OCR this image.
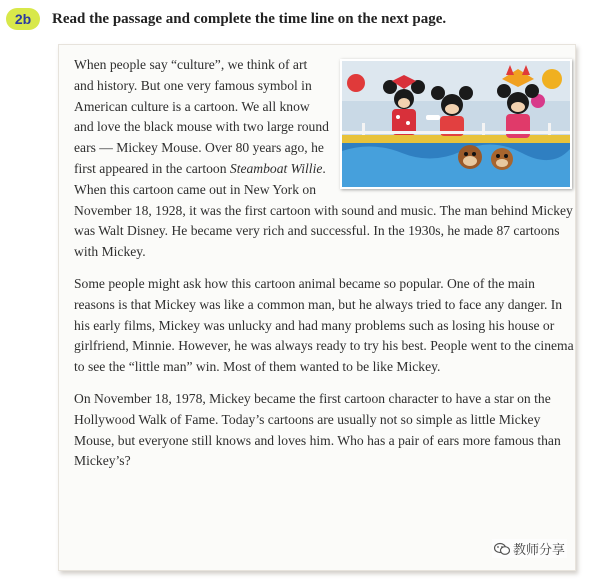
2b	Read the passage and complete the time line on the next page.

When people say “culture”, we think of art and history. But one very famous symbol in American culture is a cartoon. We all know and love the black mouse with two large round ears — Mickey Mouse. Over 80 years ago, he first appeared in the cartoon Steamboat Willie. When this cartoon came out in New York on November 18, 1928, it was the first cartoon with sound and music. The man behind Mickey was Walt Disney. He became very rich and successful. In the 1930s, he made 87 cartoons with Mickey.

Some people might ask how this cartoon animal became so popular. One of the main reasons is that Mickey was like a common man, but he always tried to face any danger. In his early films, Mickey was unlucky and had many problems such as losing his house or girlfriend, Minnie. However, he was always ready to try his best. People went to the cinema to see the “little man” win. Most of them wanted to be like Mickey.

On November 18, 1978, Mickey became the first cartoon character to have a star on the Hollywood Walk of Fame. Today’s cartoons are usually not so simple as little Mickey Mouse, but everyone still knows and loves him. Who has a pair of ears more famous than Mickey’s?

教师分享
